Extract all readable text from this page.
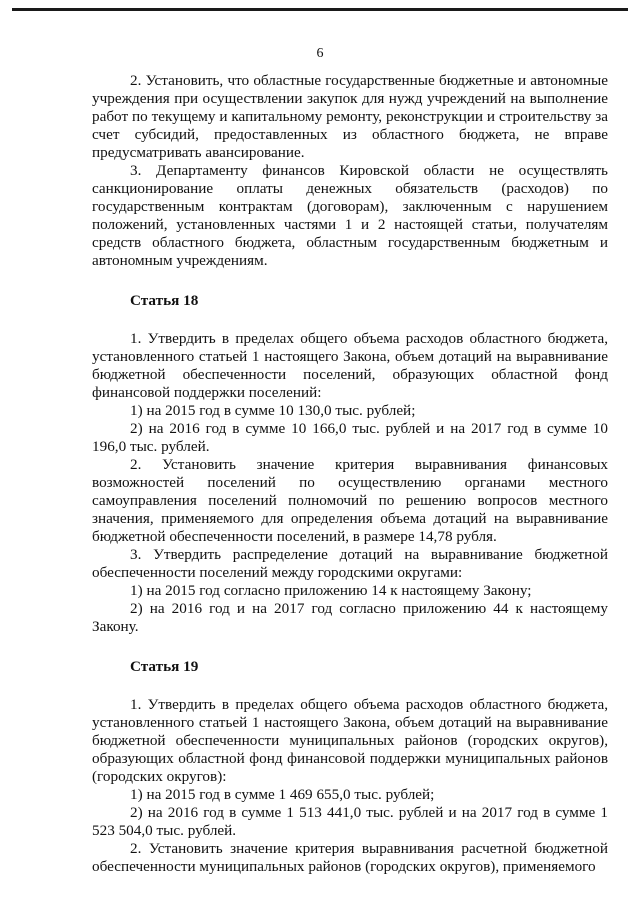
6

2. Установить, что областные государственные бюджетные и автономные учреждения при осуществлении закупок для нужд учреждений на выполнение работ по текущему и капитальному ремонту, реконструкции и строительству за счет субсидий, предоставленных из областного бюджета, не вправе предусматривать авансирование.

3. Департаменту финансов Кировской области не осуществлять санкционирование оплаты денежных обязательств (расходов) по государственным контрактам (договорам), заключенным с нарушением положений, установленных частями 1 и 2 настоящей статьи, получателям средств областного бюджета, областным государственным бюджетным и автономным учреждениям.

Статья 18

1. Утвердить в пределах общего объема расходов областного бюджета, установленного статьей 1 настоящего Закона, объем дотаций на выравнивание бюджетной обеспеченности поселений, образующих областной фонд финансовой поддержки поселений:

1) на 2015 год в сумме 10 130,0 тыс. рублей;

2) на 2016 год в сумме 10 166,0 тыс. рублей и на 2017 год в сумме 10 196,0 тыс. рублей.

2. Установить значение критерия выравнивания финансовых возможностей поселений по осуществлению органами местного самоуправления поселений полномочий по решению вопросов местного значения, применяемого для определения объема дотаций на выравнивание бюджетной обеспеченности поселений, в размере 14,78 рубля.

3. Утвердить распределение дотаций на выравнивание бюджетной обеспеченности поселений между городскими округами:

1) на 2015 год согласно приложению 14 к настоящему Закону;

2) на 2016 год и на 2017 год согласно приложению 44 к настоящему Закону.

Статья 19

1. Утвердить в пределах общего объема расходов областного бюджета, установленного статьей 1 настоящего Закона, объем дотаций на выравнивание бюджетной обеспеченности муниципальных районов (городских округов), образующих областной фонд финансовой поддержки муниципальных районов (городских округов):

1) на 2015 год в сумме 1 469 655,0 тыс. рублей;

2) на 2016 год в сумме 1 513 441,0 тыс. рублей и на 2017 год в сумме 1 523 504,0 тыс. рублей.

2. Установить значение критерия выравнивания расчетной бюджетной обеспеченности муниципальных районов (городских округов), применяемого
